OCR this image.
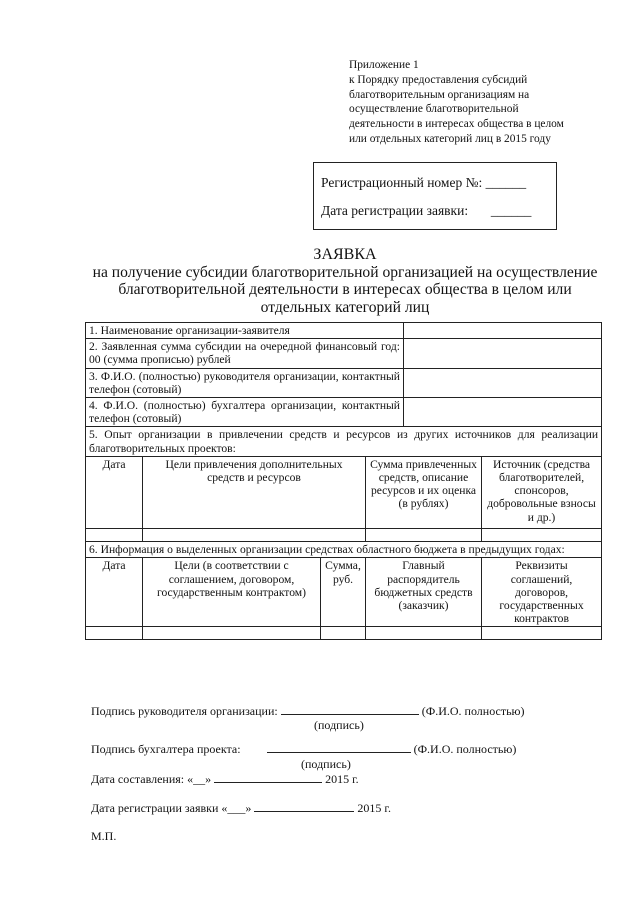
Приложение 1
к Порядку предоставления субсидий
благотворительным организациям на
осуществление благотворительной
деятельности в интересах общества в целом
или отдельных категорий лиц в 2015 году
Регистрационный номер №: ______
Дата регистрации заявки: ______
ЗАЯВКА
на получение субсидии благотворительной организацией на осуществление
благотворительной деятельности в интересах общества в целом или
отдельных категорий лиц
1. Наименование организации-заявителя					
2. Заявленная сумма субсидии на очередной финансовый год: 00 (сумма прописью) рублей					
3. Ф.И.О. (полностью) руководителя организации, контактный телефон (сотовый)					
4. Ф.И.О. (полностью) бухгалтера организации, контактный телефон (сотовый)					
5. Опыт организации в привлечении средств и ресурсов из других источников для реализации благотворительных проектов:					
Дата	Цели привлечения дополнительных средств и ресурсов		Сумма привлеченных средств, описание ресурсов и их оценка (в рублях)		Источник (средства благотворителей, спонсоров, добровольные взносы и др.)

6. Информация о выделенных организации средствах областного бюджета в предыдущих годах:					
Дата	Цели (в соответствии с соглашением, договором, государственным контрактом)	Сумма, руб.	Главный распорядитель бюджетных средств (заказчик)		Реквизиты соглашений, договоров, государственных контрактов

Подпись руководителя организации:	(Ф.И.О. полностью)
(подпись)
Подпись бухгалтера проекта:	(Ф.И.О. полностью)
(подпись)
Дата составления: «__»	2015 г.
Дата регистрации заявки «___»	2015 г.
М.П.
